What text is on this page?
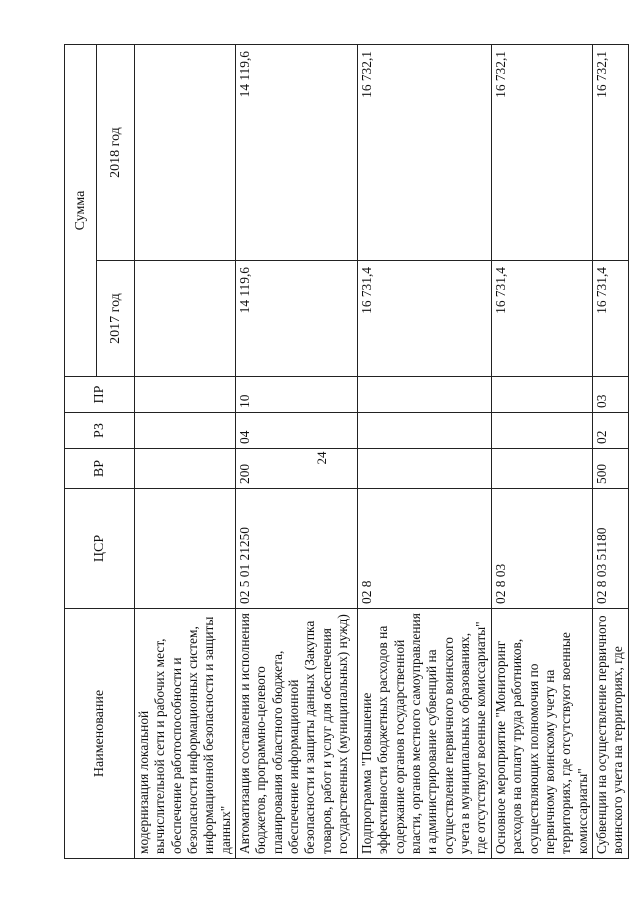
24
Наименование	ЦСР	ВР	РЗ	ПР	Сумма	
					2017 год	2018 год
модернизация локальной вычислительной сети и рабочих мест, обеспечение работоспособности и безопасности информационных систем, информационной безопасности и защиты данных"						
Автоматизация составления и исполнения бюджетов, программно-целевого планирования областного бюджета, обеспечение информационной безопасности и защиты данных (Закупка товаров, работ и услуг для обеспечения государственных (муниципальных) нужд)	02 5 01 21250	200	04	10	14 119,6	14 119,6
Подпрограмма "Повышение эффективности бюджетных расходов на содержание органов государственной власти, органов местного самоуправления и администрирование субвенций на осуществление первичного воинского учета в муниципальных образованиях, где отсутствуют военные комиссариаты"	02 8				16 731,4	16 732,1
Основное мероприятие "Мониторинг расходов на оплату труда работников, осуществляющих полномочия по первичному воинскому учету на территориях, где отсутствуют военные комиссариаты"	02 8 03				16 731,4	16 732,1
Субвенции на осуществление первичного воинского учета на территориях, где	02 8 03 51180	500	02	03	16 731,4	16 732,1
